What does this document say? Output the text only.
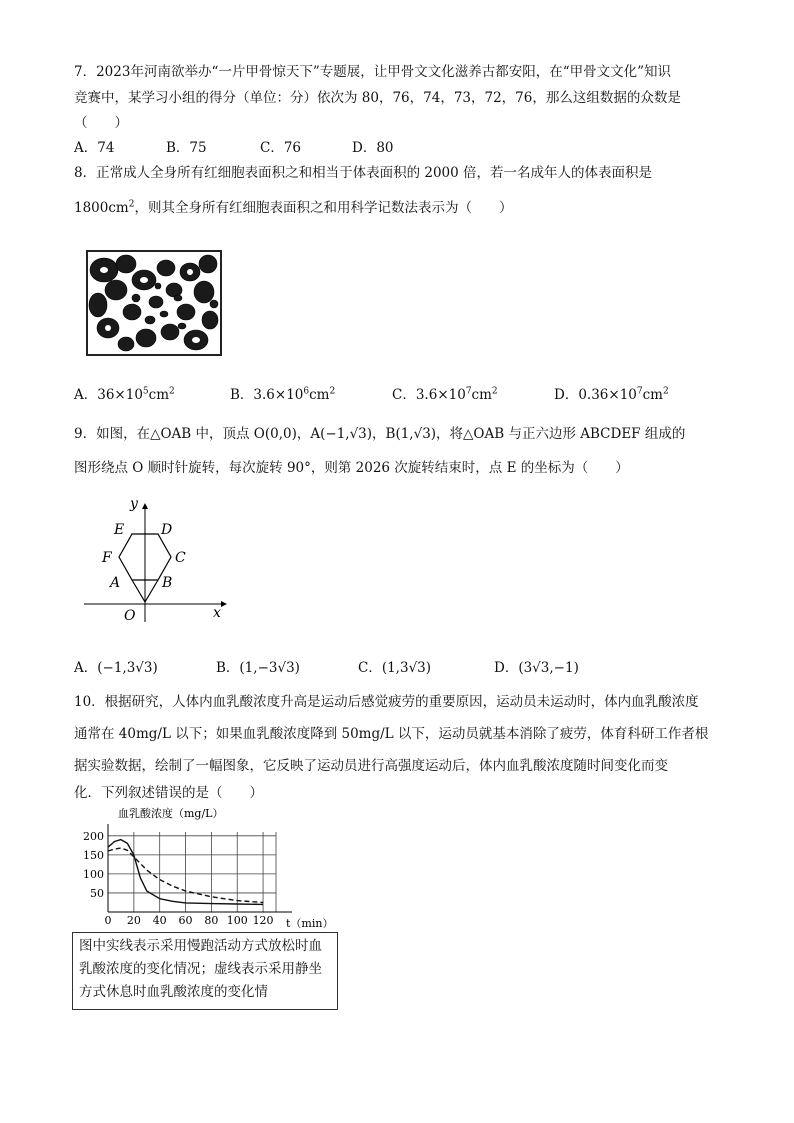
7．2023年河南欲举办“一片甲骨惊天下”专题展，让甲骨文文化滋养古都安阳，在“甲骨文文化”知识
竞赛中，某学习小组的得分（单位：分）依次为 80，76，74，73，72，76，那么这组数据的众数是
（　　）
A．74	B．75	C．76	D．80
8．正常成人全身所有红细胞表面积之和相当于体表面积的 2000 倍，若一名成年人的体表面积是
$1800cm^2$，则其全身所有红细胞表面积之和用科学记数法表示为（　　）
A．$36\times 10^5cm^2$	B．$3.6\times 10^6cm^2$	C．$3.6\times 10^7cm^2$	D．$0.36\times 10^7cm^2$
9．如图，在△OAB 中，顶点 O(0,0)，A(−1,√3)，B(1,√3)，将△OAB 与正六边形 ABCDEF 组成的
图形绕点 O 顺时针旋转，每次旋转 90°，则第 2026 次旋转结束时，点 E 的坐标为（　　）
y
x
O
A	B
C
D
E
F
A．(−1,3√3)	B．(1,−3√3)	C．(1,3√3)	D．(3√3,−1)
10．根据研究，人体内血乳酸浓度升高是运动后感觉疲劳的重要原因，运动员未运动时，体内血乳酸浓度
通常在 40mg/L 以下；如果血乳酸浓度降到 50mg/L 以下，运动员就基本消除了疲劳，体育科研工作者根
据实验数据，绘制了一幅图象，它反映了运动员进行高强度运动后，体内血乳酸浓度随时间变化而变
化．下列叙述错误的是（　　）
0 20 40 60 80 100 120
50
100
150
200
血乳酸浓度（mg/L）
t（min）
图中实线表示采用慢跑活动方式放松时血乳酸浓度的变化情况；虚线表示采用静坐方式休息时血乳酸浓度的变化情
